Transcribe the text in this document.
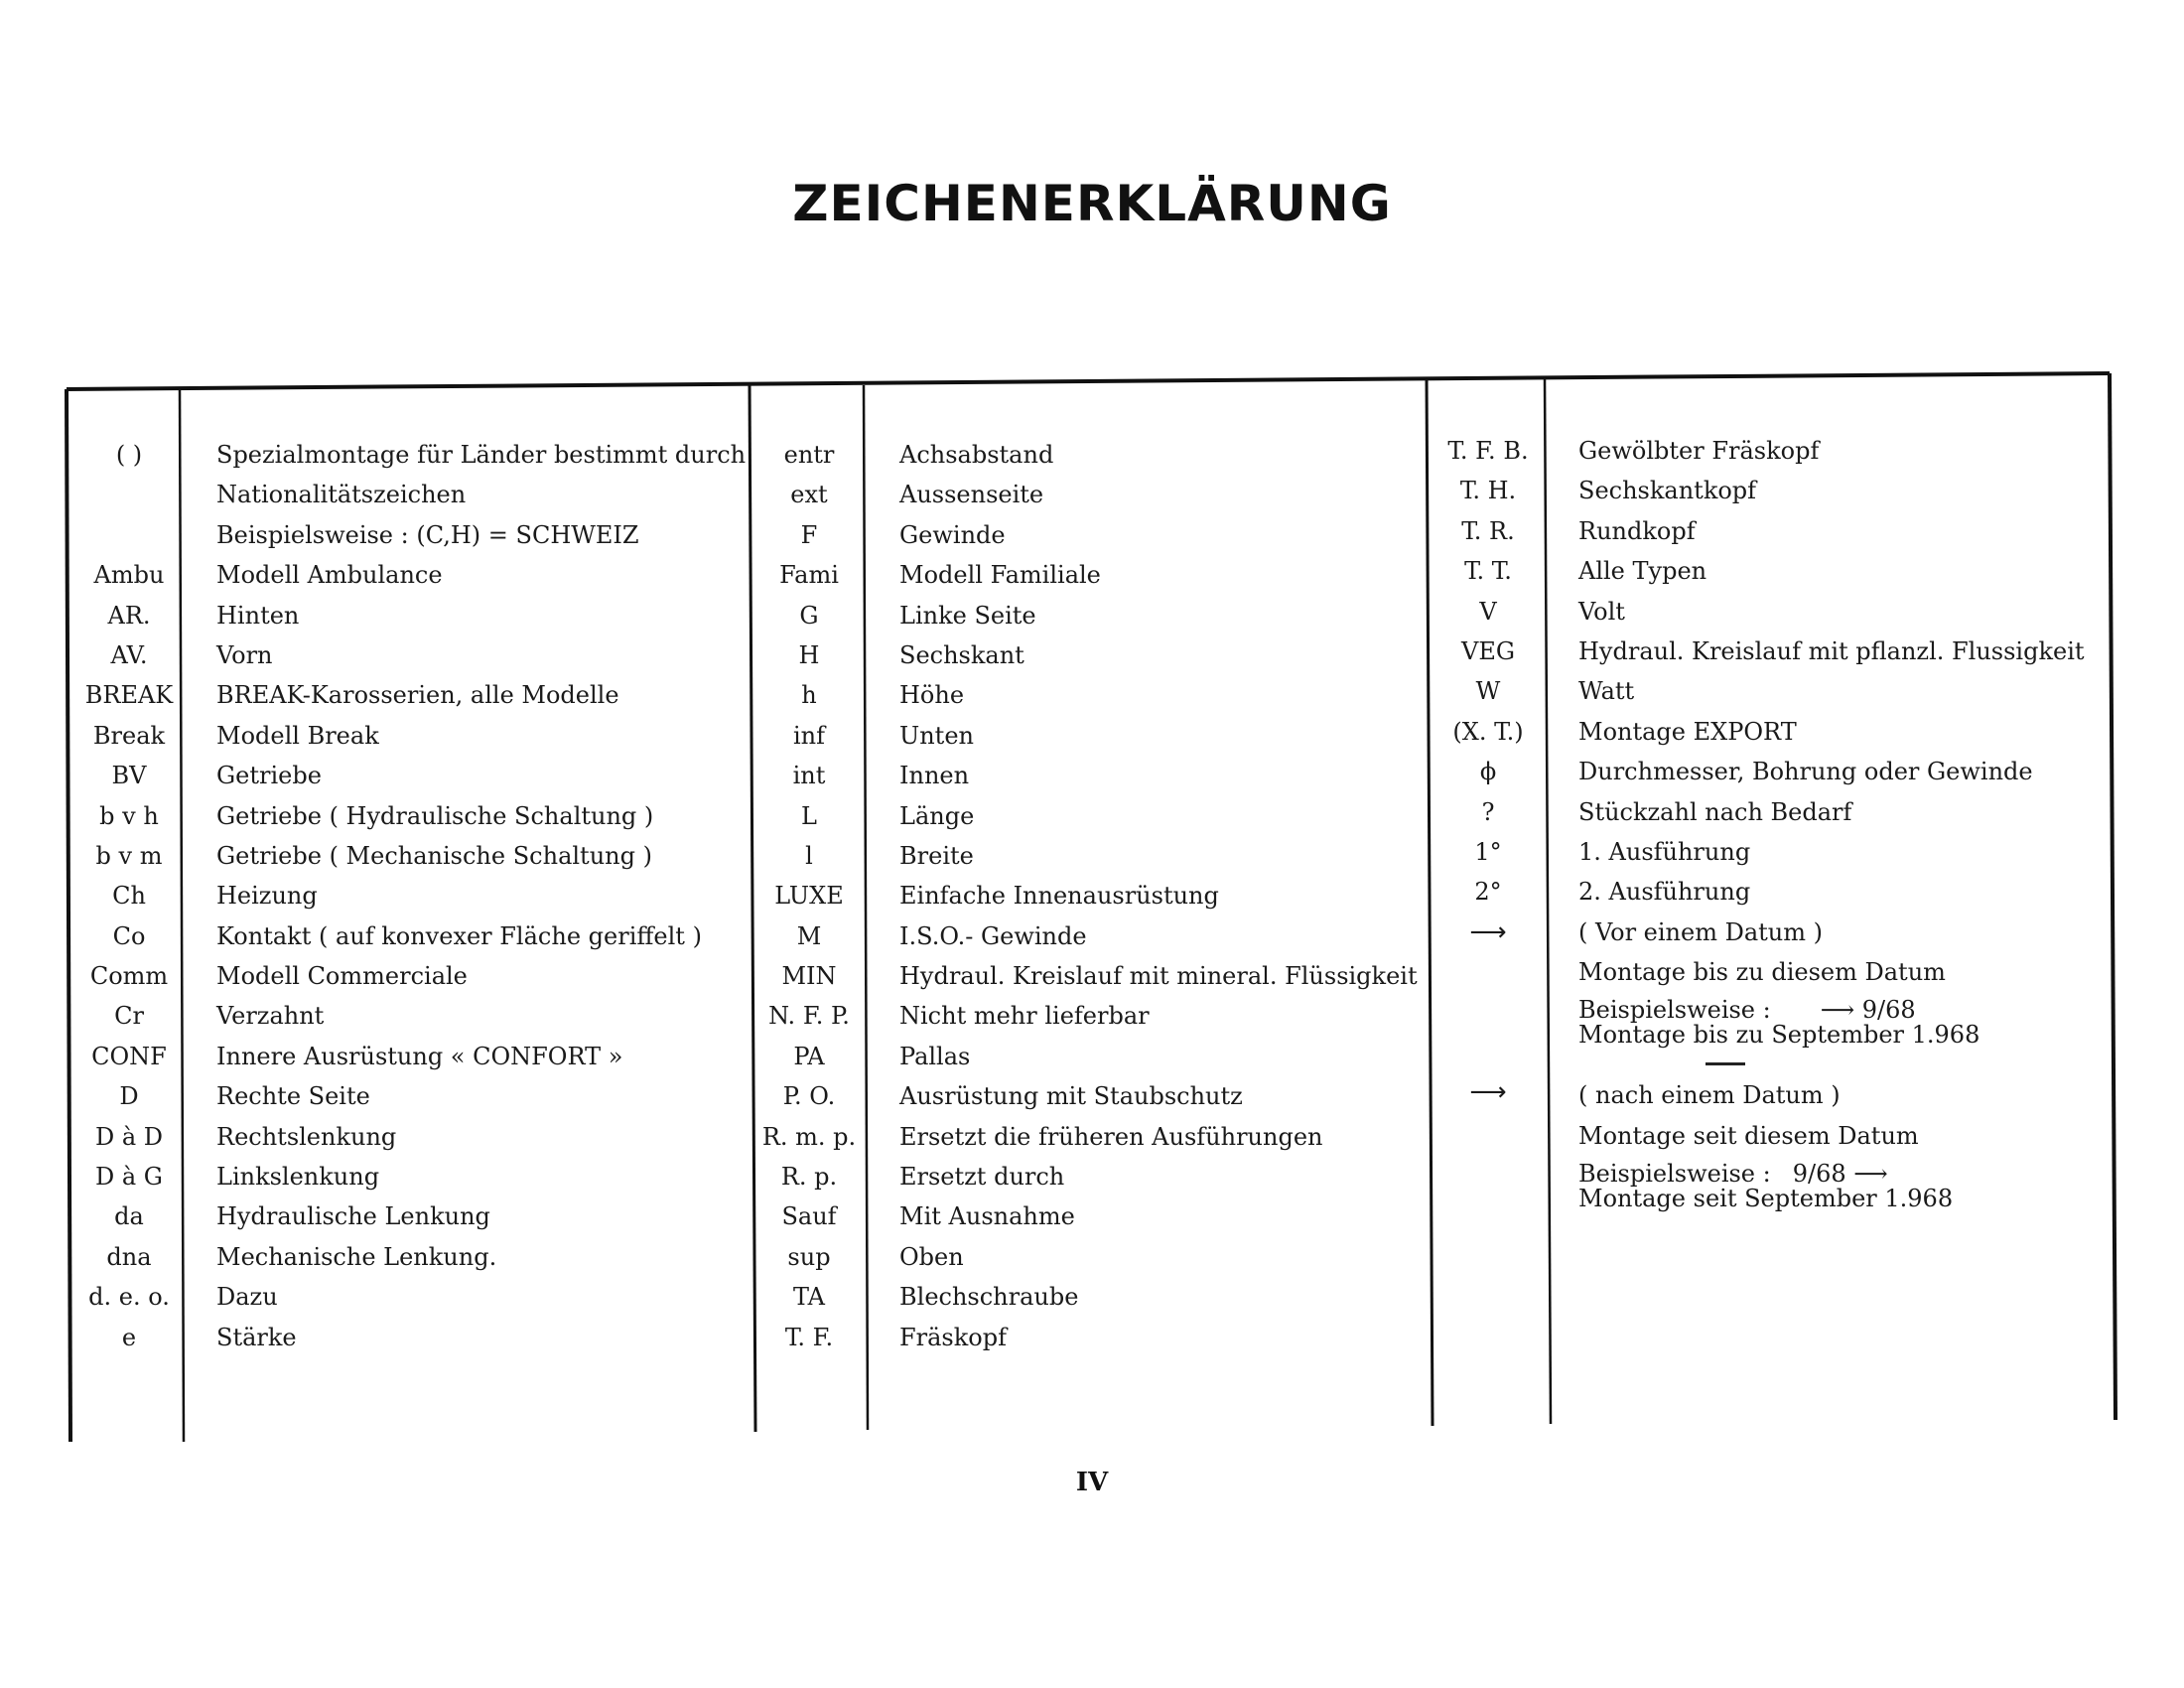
ZEICHENERKLÄRUNG
( )
Ambu
AR.
AV.
BREAK
Break
BV
b v h
b v m
Ch
Co
Comm
Cr
CONF
D
D à D
D à G
da
dna
d. e. o.
e
Spezialmontage für Länder bestimmt durch
Nationalitätszeichen
Beispielsweise : (C,H) = SCHWEIZ
Modell Ambulance
Hinten
Vorn
BREAK-Karosserien, alle Modelle
Modell Break
Getriebe
Getriebe ( Hydraulische Schaltung )
Getriebe ( Mechanische Schaltung )
Heizung
Kontakt ( auf konvexer Fläche geriffelt )
Modell Commerciale
Verzahnt
Innere Ausrüstung « CONFORT »
Rechte Seite
Rechtslenkung
Linkslenkung
Hydraulische Lenkung
Mechanische Lenkung.
Dazu
Stärke
entr
ext
F
Fami
G
H
h
inf
int
L
l
LUXE
M
MIN
N. F. P.
PA
P. O.
R. m. p.
R. p.
Sauf
sup
TA
T. F.
Achsabstand
Aussenseite
Gewinde
Modell Familiale
Linke Seite
Sechskant
Höhe
Unten
Innen
Länge
Breite
Einfache Innenausrüstung
I.S.O.- Gewinde
Hydraul. Kreislauf mit mineral. Flüssigkeit
Nicht mehr lieferbar
Pallas
Ausrüstung mit Staubschutz
Ersetzt die früheren Ausführungen
Ersetzt durch
Mit Ausnahme
Oben
Blechschraube
Fräskopf
T. F. B.
T. H.
T. R.
T. T.
V
VEG
W
(X. T.)
ϕ
?
1°
2°
⟶
⟶
Gewölbter Fräskopf
Sechskantkopf
Rundkopf
Alle Typen
Volt
Hydraul. Kreislauf mit pflanzl. Flussigkeit
Watt
Montage EXPORT
Durchmesser, Bohrung oder Gewinde
Stückzahl nach Bedarf
1. Ausführung
2. Ausführung
( Vor einem Datum )
Montage bis zu diesem Datum
Beispielsweise : ⟶ 9/68
Montage bis zu September 1.968
( nach einem Datum )
Montage seit diesem Datum
Beispielsweise : 9/68 ⟶
Montage seit September 1.968
IV
